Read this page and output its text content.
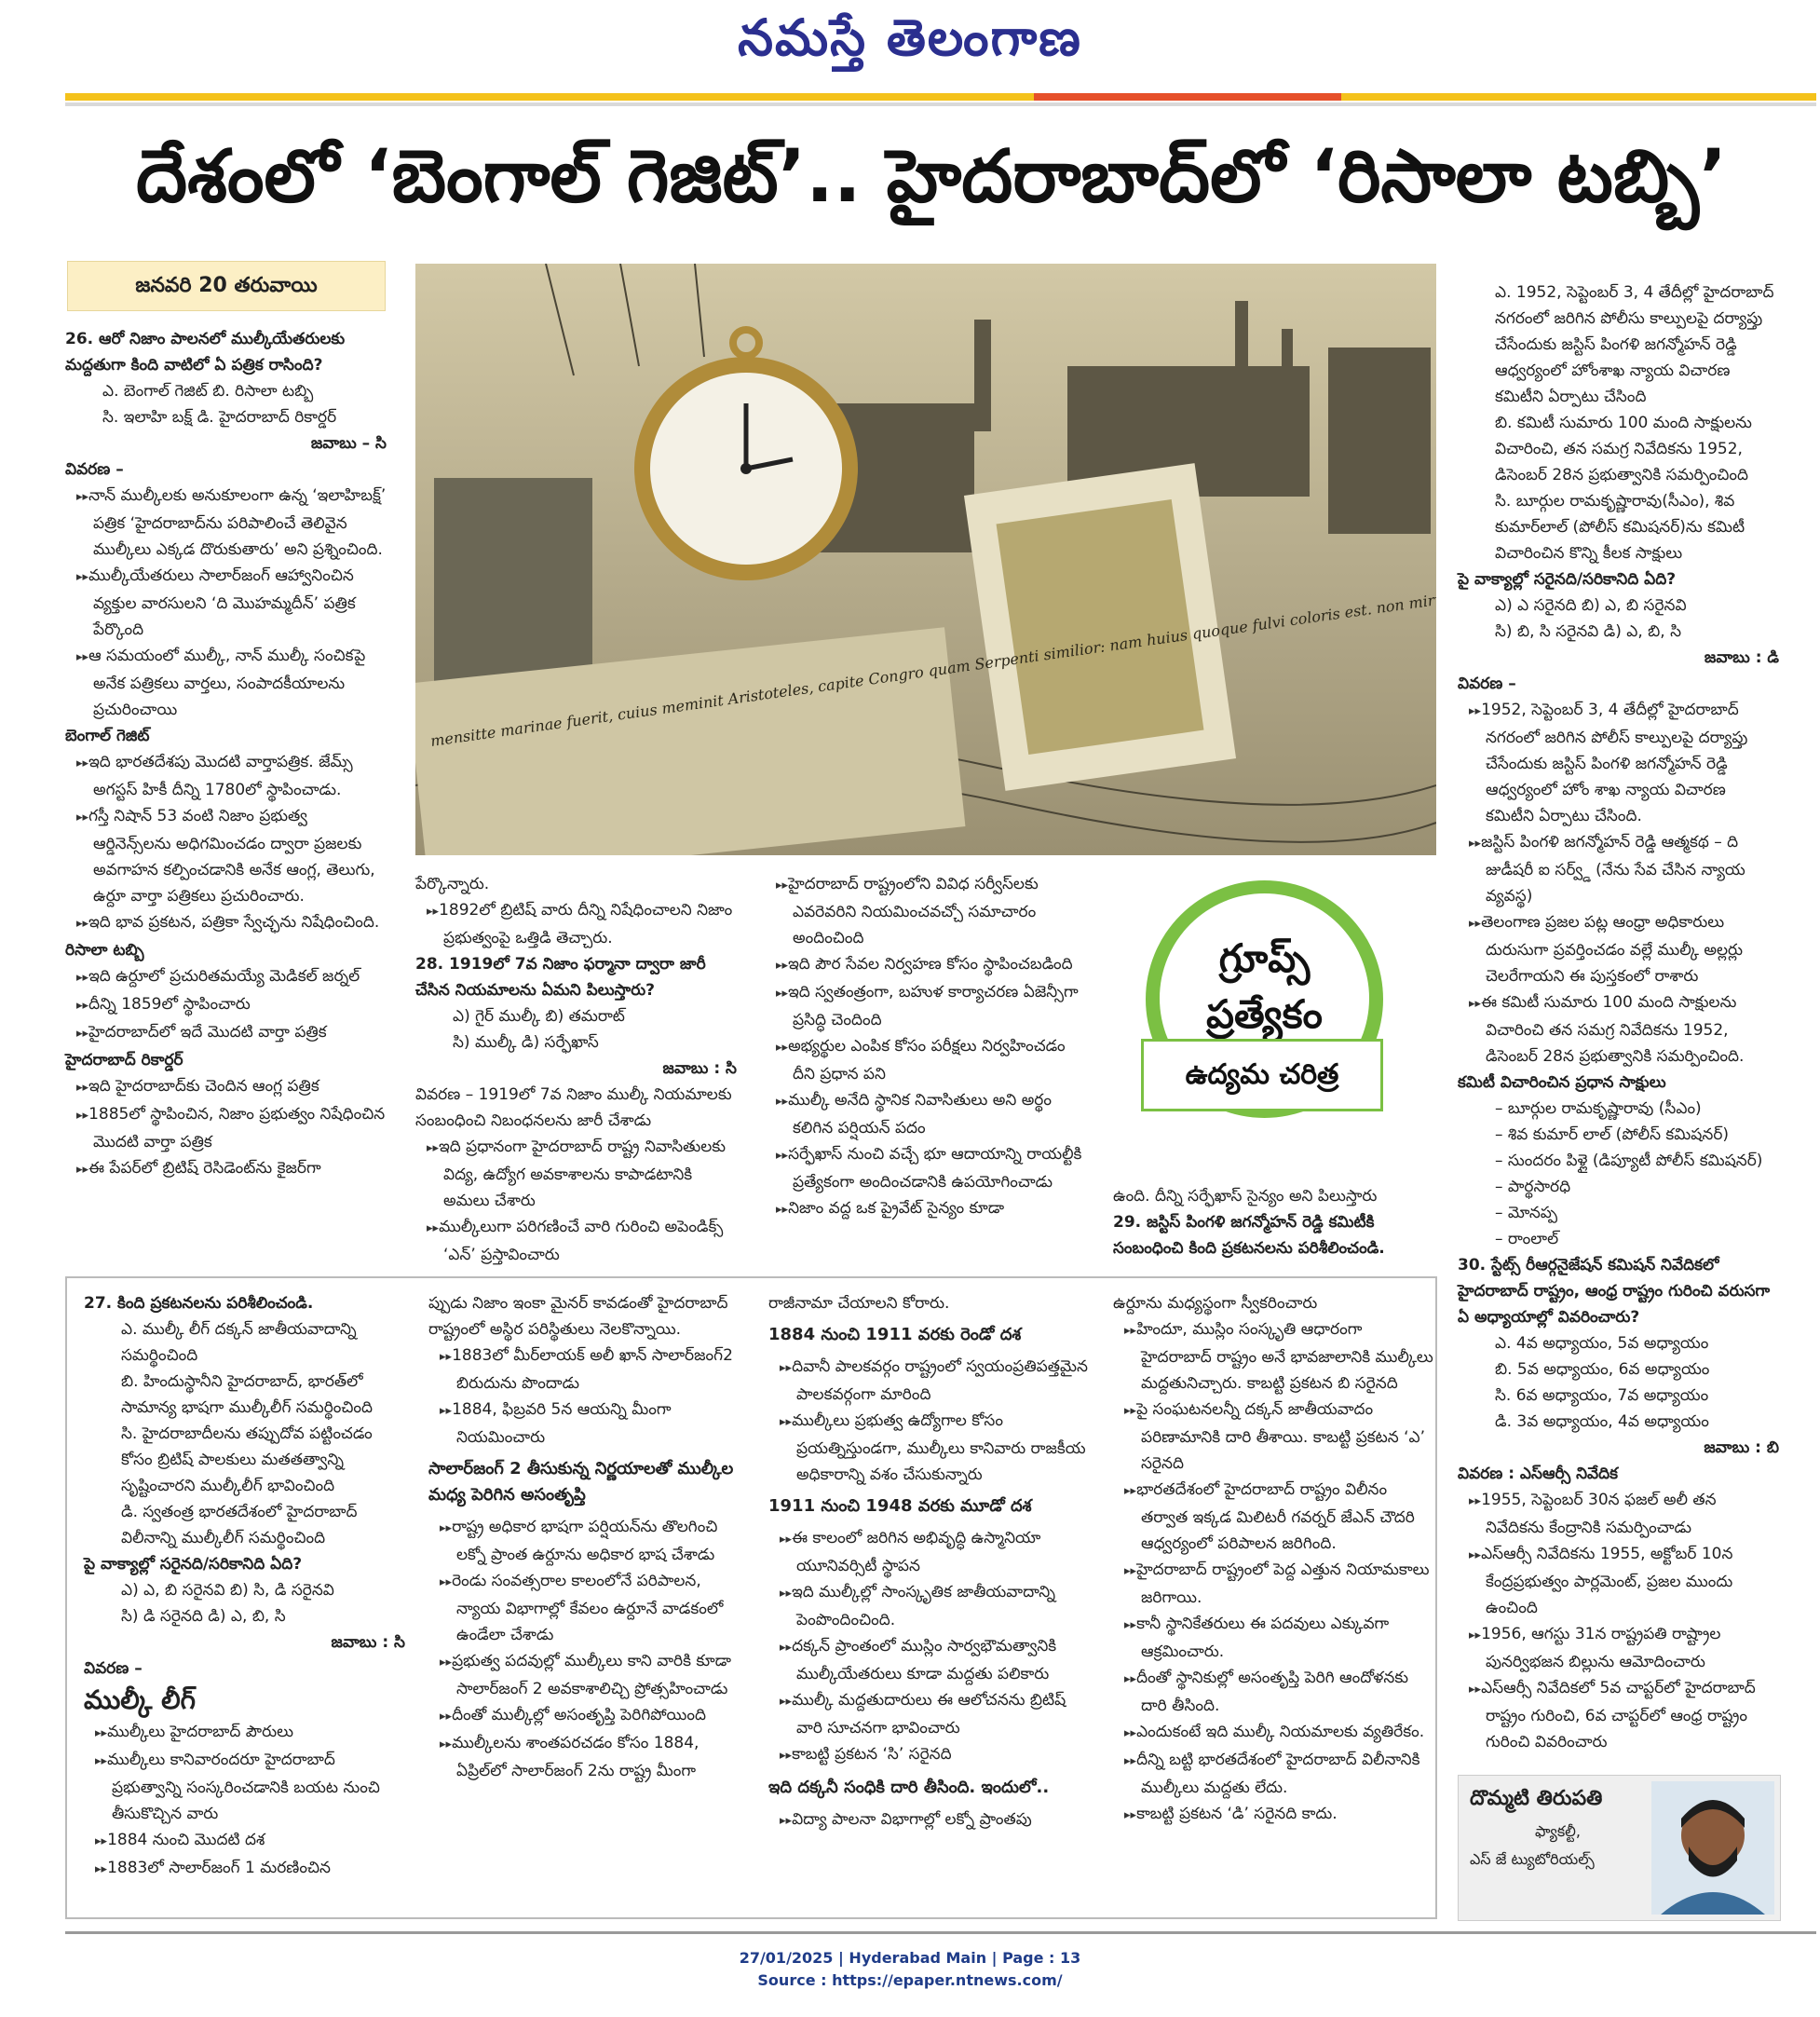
నమస్తే తెలంగాణ
దేశంలో ‘బెంగాల్ గెజిట్’.. హైదరాబాద్‌లో ‘రిసాలా టబ్బి’
జనవరి 20 తరువాయి
mensitte marinae fuerit, cuius meminit Aristoteles, capite Congro quam Serpenti similior: nam huius quoque fulvi coloris est. non mirum
గ్రూప్స్
ప్రత్యేకం
ఉద్యమ చరిత్ర

26. ఆరో నిజాం పాలనలో ముల్కీయేతరులకు మద్దతుగా కింది వాటిలో ఏ పత్రిక రాసింది?

ఎ. బెంగాల్ గెజిట్ బి. రిసాలా టబ్బి

సి. ఇలాహి బక్ష్ డి. హైదరాబాద్ రికార్డర్

జవాబు – సి

వివరణ –

▸▸ నాన్ ముల్కీలకు అనుకూలంగా ఉన్న ‘ఇలాహిబక్ష్’ పత్రిక ‘హైదరాబాద్‌ను పరిపాలించే తెలివైన ముల్కీలు ఎక్కడ దొరుకుతారు’ అని ప్రశ్నించింది.

▸▸ ముల్కీయేతరులు సాలార్‌జంగ్ ఆహ్వానించిన వ్యక్తుల వారసులని ‘ది మొహమ్మదీన్’ పత్రిక పేర్కొంది

▸▸ ఆ సమయంలో ముల్కీ, నాన్ ముల్కీ సంచికపై అనేక పత్రికలు వార్తలు, సంపాదకీయాలను ప్రచురించాయి

బెంగాల్ గెజిట్

▸▸ ఇది భారతదేశపు మొదటి వార్తాపత్రిక. జేమ్స్ అగస్టస్ హికీ దీన్ని 1780లో స్థాపించాడు.

▸▸ గస్తీ నిషాన్ 53 వంటి నిజాం ప్రభుత్వ ఆర్డినెన్స్‌లను అధిగమించడం ద్వారా ప్రజలకు అవగాహన కల్పించడానికి అనేక ఆంగ్ల, తెలుగు, ఉర్దూ వార్తా పత్రికలు ప్రచురించారు.

▸▸ ఇది భావ ప్రకటన, పత్రికా స్వేచ్ఛను నిషేధించింది.

రిసాలా టబ్బి

▸▸ ఇది ఉర్దూలో ప్రచురితమయ్యే మెడికల్ జర్నల్

▸▸ దీన్ని 1859లో స్థాపించారు

▸▸ హైదరాబాద్‌లో ఇదే మొదటి వార్తా పత్రిక

హైదరాబాద్ రికార్డర్

▸▸ ఇది హైదరాబాద్‌కు చెందిన ఆంగ్ల పత్రిక

▸▸ 1885లో స్థాపించిన, నిజాం ప్రభుత్వం నిషేధించిన మొదటి వార్తా పత్రిక

▸▸ ఈ పేపర్‌లో బ్రిటిష్ రెసిడెంట్‌ను కైజర్‌గా

పేర్కొన్నారు.

▸▸ 1892లో బ్రిటిష్ వారు దీన్ని నిషేధించాలని నిజాం ప్రభుత్వంపై ఒత్తిడి తెచ్చారు.

28. 1919లో 7వ నిజాం ఫర్మానా ద్వారా జారీ చేసిన నియమాలను ఏమని పిలుస్తారు?

ఎ) గైర్ ముల్కీ బి) తమరాట్

సి) ముల్కీ డి) సర్ఫేఖాస్

జవాబు : సి

వివరణ – 1919లో 7వ నిజాం ముల్కీ నియమాలకు సంబంధించి నిబంధనలను జారీ చేశాడు

▸▸ ఇది ప్రధానంగా హైదరాబాద్ రాష్ట్ర నివాసితులకు విద్య, ఉద్యోగ అవకాశాలను కాపాడటానికి అమలు చేశారు

▸▸ ముల్కీలుగా పరిగణించే వారి గురించి అపెండిక్స్ ‘ఎన్’ ప్రస్తావించారు

▸▸ హైదరాబాద్ రాష్ట్రంలోని వివిధ సర్వీస్‌లకు ఎవరెవరిని నియమించవచ్చో సమాచారం అందించింది

▸▸ ఇది పౌర సేవల నిర్వహణ కోసం స్థాపించబడింది

▸▸ ఇది స్వతంత్రంగా, బహుళ కార్యాచరణ ఏజెన్సీగా ప్రసిద్ధి చెందింది

▸▸ అభ్యర్థుల ఎంపిక కోసం పరీక్షలు నిర్వహించడం దీని ప్రధాన పని

▸▸ ముల్కీ అనేది స్థానిక నివాసితులు అని అర్థం కలిగిన పర్షియన్ పదం

▸▸ సర్ఫేఖాస్ నుంచి వచ్చే భూ ఆదాయాన్ని రాయల్టీకి ప్రత్యేకంగా అందించడానికి ఉపయోగించాడు

▸▸ నిజాం వద్ద ఒక ప్రైవేట్ సైన్యం కూడా

ఉంది. దీన్ని సర్ఫేఖాస్ సైన్యం అని పిలుస్తారు

29. జస్టిస్ పింగళి జగన్మోహన్ రెడ్డి కమిటీకి సంబంధించి కింది ప్రకటనలను పరిశీలించండి.

ఎ. 1952, సెప్టెంబర్ 3, 4 తేదీల్లో హైదరాబాద్ నగరంలో జరిగిన పోలీసు కాల్పులపై దర్యాప్తు చేసేందుకు జస్టిస్ పింగళి జగన్మోహన్ రెడ్డి ఆధ్వర్యంలో హోంశాఖ న్యాయ విచారణ కమిటీని ఏర్పాటు చేసింది

బి. కమిటీ సుమారు 100 మంది సాక్షులను విచారించి, తన సమగ్ర నివేదికను 1952, డిసెంబర్ 28న ప్రభుత్వానికి సమర్పించింది

సి. బూర్గుల రామకృష్ణారావు(సీఎం), శివ కుమార్‌లాల్ (పోలీస్ కమిషనర్)ను కమిటీ విచారించిన కొన్ని కీలక సాక్షులు

పై వాక్యాల్లో సరైనది/సరికానిది ఏది?

ఎ) ఎ సరైనది బి) ఎ, బి సరైనవి

సి) బి, సి సరైనవి డి) ఎ, బి, సి

జవాబు : డి

వివరణ –

▸▸ 1952, సెప్టెంబర్ 3, 4 తేదీల్లో హైదరాబాద్ నగరంలో జరిగిన పోలీస్ కాల్పులపై దర్యాప్తు చేసేందుకు జస్టిస్ పింగళి జగన్మోహన్ రెడ్డి ఆధ్వర్యంలో హోం శాఖ న్యాయ విచారణ కమిటీని ఏర్పాటు చేసింది.

▸▸ జస్టిస్ పింగళి జగన్మోహన్ రెడ్డి ఆత్మకథ – ది జుడీషరీ ఐ సర్వ్డ్ (నేను సేవ చేసిన న్యాయ వ్యవస్థ)

▸▸ తెలంగాణ ప్రజల పట్ల ఆంధ్రా అధికారులు దురుసుగా ప్రవర్తించడం వల్లే ముల్కీ అల్లర్లు చెలరేగాయని ఈ పుస్తకంలో రాశారు

▸▸ ఈ కమిటీ సుమారు 100 మంది సాక్షులను విచారించి తన సమగ్ర నివేదికను 1952, డిసెంబర్ 28న ప్రభుత్వానికి సమర్పించింది.

కమిటీ విచారించిన ప్రధాన సాక్షులు

– బూర్గుల రామకృష్ణారావు (సీఎం)

– శివ కుమార్ లాల్ (పోలీస్ కమిషనర్)

– సుందరం పిళ్లై (డిప్యూటీ పోలీస్ కమిషనర్)

– పార్థసారధి

– మోనప్ప

– రాంలాల్

30. స్టేట్స్ రీఆర్గనైజేషన్ కమిషన్ నివేదికలో హైదరాబాద్ రాష్ట్రం, ఆంధ్ర రాష్ట్రం గురించి వరుసగా ఏ అధ్యాయాల్లో వివరించారు?

ఎ. 4వ అధ్యాయం, 5వ అధ్యాయం

బి. 5వ అధ్యాయం, 6వ అధ్యాయం

సి. 6వ అధ్యాయం, 7వ అధ్యాయం

డి. 3వ అధ్యాయం, 4వ అధ్యాయం

జవాబు : బి

వివరణ : ఎస్ఆర్సీ నివేదిక

▸▸ 1955, సెప్టెంబర్ 30న ఫజల్ అలీ తన నివేదికను కేంద్రానికి సమర్పించాడు

▸▸ ఎస్ఆర్సీ నివేదికను 1955, అక్టోబర్ 10న కేంద్రప్రభుత్వం పార్లమెంట్, ప్రజల ముందు ఉంచింది

▸▸ 1956, ఆగస్టు 31న రాష్ట్రపతి రాష్ట్రాల పునర్విభజన బిల్లును ఆమోదించారు

▸▸ ఎస్ఆర్సీ నివేదికలో 5వ చాప్టర్‌లో హైదరాబాద్ రాష్ట్రం గురించి, 6వ చాప్టర్‌లో ఆంధ్ర రాష్ట్రం గురించి వివరించారు

27. కింది ప్రకటనలను పరిశీలించండి.

ఎ. ముల్కీ లీగ్ దక్కన్ జాతీయవాదాన్ని సమర్థించింది

బి. హిందుస్థానీని హైదరాబాద్, భారత్‌లో సామాన్య భాషగా ముల్కీలీగ్ సమర్థించింది

సి. హైదరాబాదీలను తప్పుదోవ పట్టించడం కోసం బ్రిటిష్ పాలకులు మతతత్వాన్ని సృష్టించారని ముల్కీలీగ్ భావించింది

డి. స్వతంత్ర భారతదేశంలో హైదరాబాద్ విలీనాన్ని ముల్కీలీగ్ సమర్థించింది

పై వాక్యాల్లో సరైనది/సరికానిది ఏది?

ఎ) ఎ, బి సరైనవి బి) సి, డి సరైనవి

సి) డి సరైనది డి) ఎ, బి, సి

జవాబు : సి

వివరణ –

ముల్కీ లీగ్

▸▸ ముల్కీలు హైదరాబాద్ పౌరులు

▸▸ ముల్కీలు కానివారందరూ హైదరాబాద్ ప్రభుత్వాన్ని సంస్కరించడానికి బయట నుంచి తీసుకొచ్చిన వారు

▸▸ 1884 నుంచి మొదటి దశ

▸▸ 1883లో సాలార్‌జంగ్ 1 మరణించిన

ప్పుడు నిజాం ఇంకా మైనర్ కావడంతో హైదరాబాద్ రాష్ట్రంలో అస్థిర పరిస్థితులు నెలకొన్నాయి.

▸▸ 1883లో మీర్‌లాయక్ అలీ ఖాన్ సాలార్‌జంగ్2 బిరుదును పొందాడు

▸▸ 1884, ఫిబ్రవరి 5న ఆయన్ని మీంగా నియమించారు

సాలార్‌జంగ్ 2 తీసుకున్న నిర్ణయాలతో ముల్కీల మధ్య పెరిగిన అసంతృప్తి

▸▸ రాష్ట్ర అధికార భాషగా పర్షియన్‌ను తొలగించి లక్నో ప్రాంత ఉర్దూను అధికార భాష చేశాడు

▸▸ రెండు సంవత్సరాల కాలంలోనే పరిపాలన, న్యాయ విభాగాల్లో కేవలం ఉర్దూనే వాడకంలో ఉండేలా చేశాడు

▸▸ ప్రభుత్వ పదవుల్లో ముల్కీలు కాని వారికి కూడా సాలార్‌జంగ్ 2 అవకాశాలిచ్చి ప్రోత్సహించాడు

▸▸ దీంతో ముల్కీల్లో అసంతృప్తి పెరిగిపోయింది

▸▸ ముల్కీలను శాంతపరచడం కోసం 1884, ఏప్రిల్‌లో సాలార్‌జంగ్ 2ను రాష్ట్ర మీంగా

రాజీనామా చేయాలని కోరారు.

1884 నుంచి 1911 వరకు రెండో దశ

▸▸ దివానీ పాలకవర్గం రాష్ట్రంలో స్వయంప్రతిపత్తమైన పాలకవర్గంగా మారింది

▸▸ ముల్కీలు ప్రభుత్వ ఉద్యోగాల కోసం ప్రయత్నిస్తుండగా, ముల్కీలు కానివారు రాజకీయ అధికారాన్ని వశం చేసుకున్నారు

1911 నుంచి 1948 వరకు మూడో దశ

▸▸ ఈ కాలంలో జరిగిన అభివృద్ధి ఉస్మానియా యూనివర్సిటీ స్థాపన

▸▸ ఇది ముల్కీల్లో సాంస్కృతిక జాతీయవాదాన్ని పెంపొందించింది.

▸▸ దక్కన్ ప్రాంతంలో ముస్లిం సార్వభౌమత్వానికి ముల్కీయేతరులు కూడా మద్దతు పలికారు

▸▸ ముల్కీ మద్దతుదారులు ఈ ఆలోచనను బ్రిటిష్ వారి సూచనగా భావించారు

▸▸ కాబట్టి ప్రకటన ‘సి’ సరైనది

ఇది దక్కనీ సంధికి దారి తీసింది. ఇందులో..

▸▸ విద్యా పాలనా విభాగాల్లో లక్నో ప్రాంతపు

ఉర్దూను మధ్యస్థంగా స్వీకరించారు

▸▸ హిందూ, ముస్లిం సంస్కృతి ఆధారంగా హైదరాబాద్ రాష్ట్రం అనే భావజాలానికి ముల్కీలు మద్దతునిచ్చారు. కాబట్టి ప్రకటన బి సరైనది

▸▸ పై సంఘటనలన్నీ దక్కన్ జాతీయవాదం పరిణామానికి దారి తీశాయి. కాబట్టి ప్రకటన ‘ఎ’ సరైనది

▸▸ భారతదేశంలో హైదరాబాద్ రాష్ట్రం విలీనం తర్వాత ఇక్కడ మిలిటరీ గవర్నర్ జేఎన్ చౌదరి ఆధ్వర్యంలో పరిపాలన జరిగింది.

▸▸ హైదరాబాద్ రాష్ట్రంలో పెద్ద ఎత్తున నియామకాలు జరిగాయి.

▸▸ కానీ స్థానికేతరులు ఈ పదవులు ఎక్కువగా ఆక్రమించారు.

▸▸ దీంతో స్థానికుల్లో అసంతృప్తి పెరిగి ఆందోళనకు దారి తీసింది.

▸▸ ఎందుకంటే ఇది ముల్కీ నియమాలకు వ్యతిరేకం.

▸▸ దీన్ని బట్టి భారతదేశంలో హైదరాబాద్ విలీనానికి ముల్కీలు మద్దతు లేదు.

▸▸ కాబట్టి ప్రకటన ‘డి’ సరైనది కాదు.

దొమ్మటి తిరుపతి
ఫ్యాకల్టీ,
ఎస్ జే ట్యుటోరియల్స్
27/01/2025 | Hyderabad Main | Page : 13
Source : https://epaper.ntnews.com/
